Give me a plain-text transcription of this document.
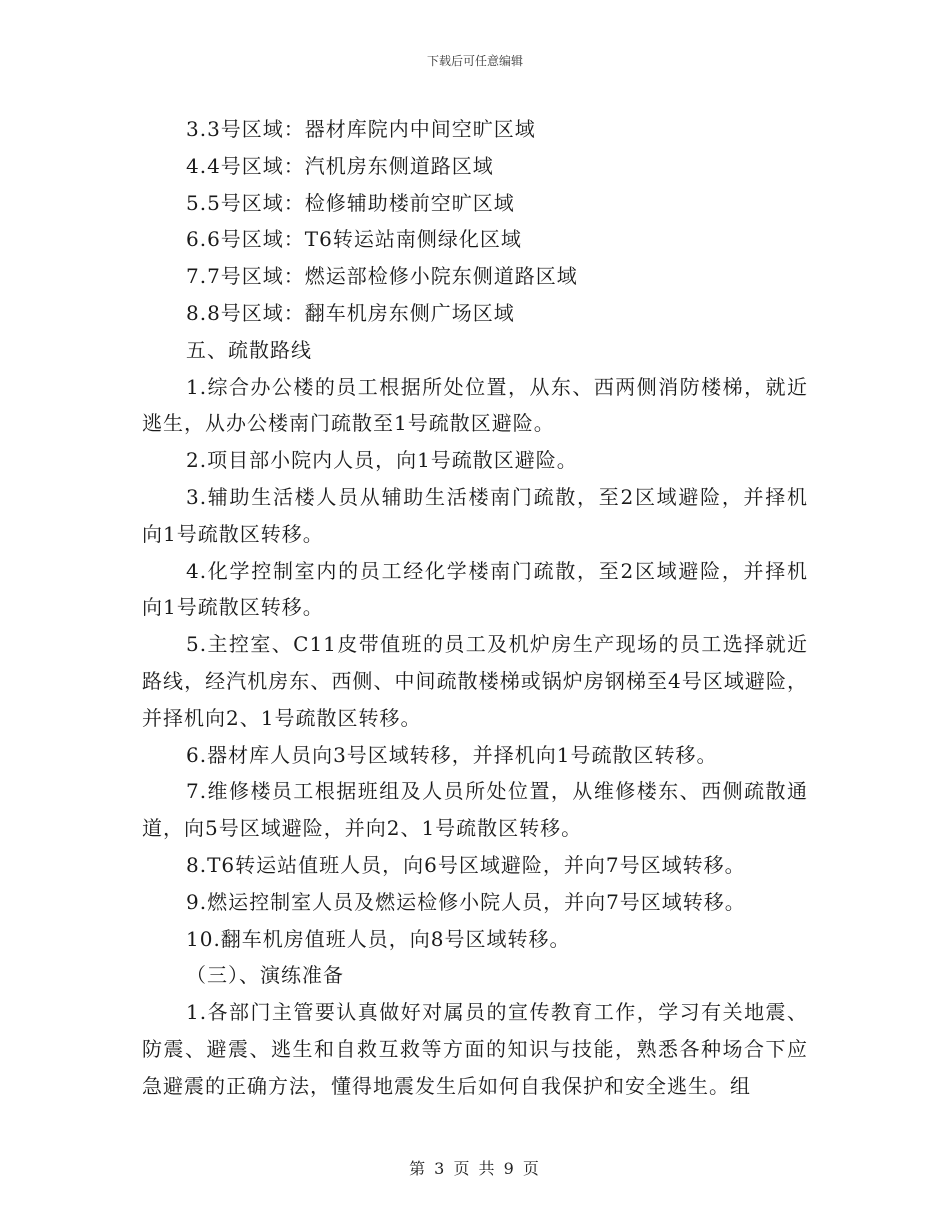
下载后可任意编辑

3.3号区域：器材库院内中间空旷区域

4.4号区域：汽机房东侧道路区域

5.5号区域：检修辅助楼前空旷区域

6.6号区域：T6转运站南侧绿化区域

7.7号区域：燃运部检修小院东侧道路区域

8.8号区域：翻车机房东侧广场区域

五、疏散路线

1.综合办公楼的员工根据所处位置，从东、西两侧消防楼梯，就近逃生，从办公楼南门疏散至1号疏散区避险。

2.项目部小院内人员，向1号疏散区避险。

3.辅助生活楼人员从辅助生活楼南门疏散，至2区域避险，并择机向1号疏散区转移。

4.化学控制室内的员工经化学楼南门疏散，至2区域避险，并择机向1号疏散区转移。

5.主控室、C11皮带值班的员工及机炉房生产现场的员工选择就近路线，经汽机房东、西侧、中间疏散楼梯或锅炉房钢梯至4号区域避险，并择机向2、1号疏散区转移。

6.器材库人员向3号区域转移，并择机向1号疏散区转移。

7.维修楼员工根据班组及人员所处位置，从维修楼东、西侧疏散通道，向5号区域避险，并向2、1号疏散区转移。

8.T6转运站值班人员，向6号区域避险，并向7号区域转移。

9.燃运控制室人员及燃运检修小院人员，并向7号区域转移。

10.翻车机房值班人员，向8号区域转移。

（三）、演练准备

1.各部门主管要认真做好对属员的宣传教育工作，学习有关地震、防震、避震、逃生和自救互救等方面的知识与技能，熟悉各种场合下应急避震的正确方法，懂得地震发生后如何自我保护和安全逃生。组

第 3 页 共 9 页
